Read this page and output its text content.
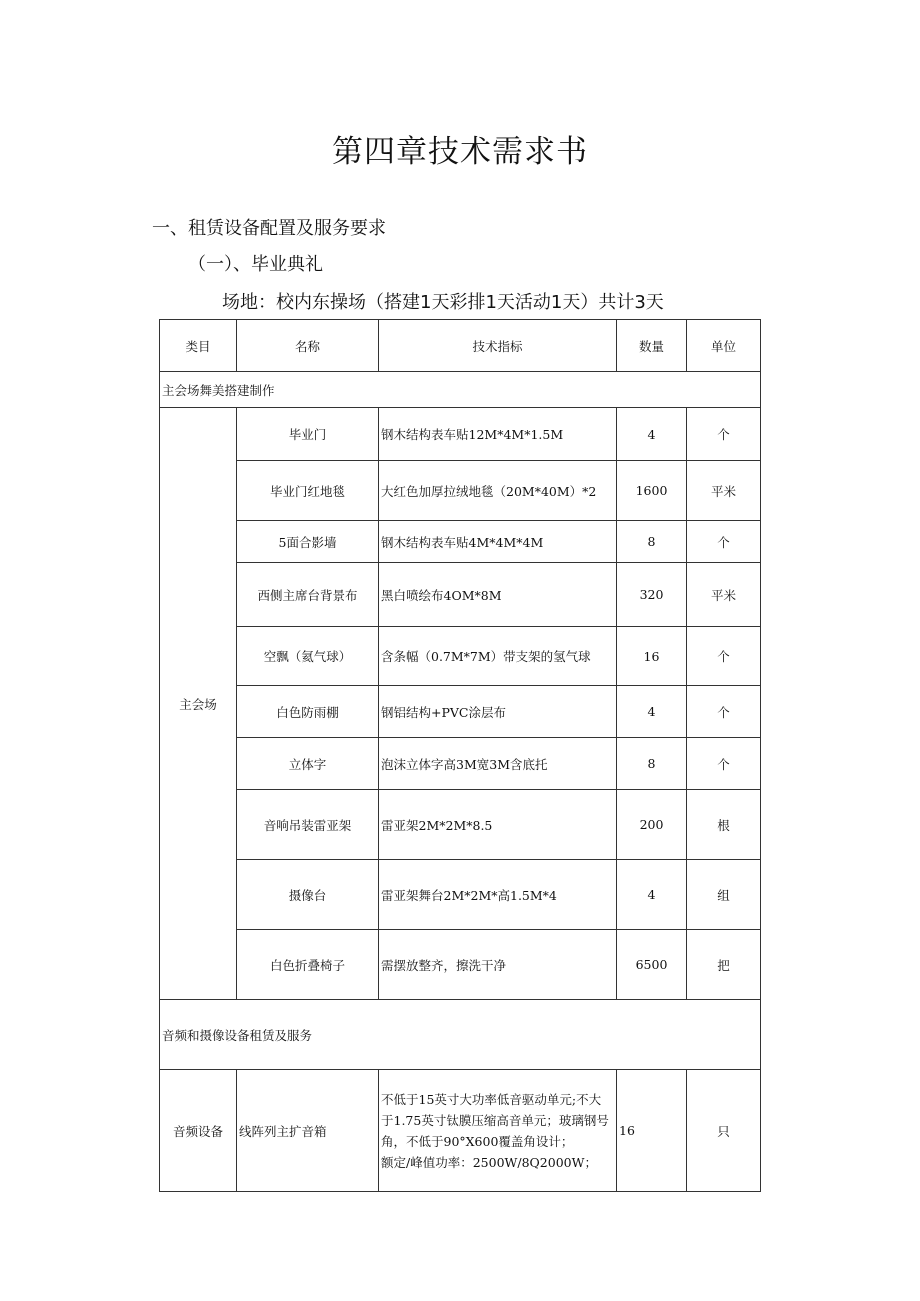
第四章技术需求书
一、租赁设备配置及服务要求
（一）、毕业典礼

场地：校内东操场（搭建1天彩排1天活动1天）共计3天

类目	名称	技术指标	数量	单位
主会场舞美搭建制作				
主会场	毕业门	钢木结构表车贴12M*4M*1.5M	4	个
	毕业门红地毯	大红色加厚拉绒地毯（20M*40M）*2	1600	平米
	5面合影墙	钢木结构表车贴4M*4M*4M	8	个
	西侧主席台背景布	黑白喷绘布4OM*8M	320	平米
	空飘（氦气球）	含条幅（0.7M*7M）带支架的氢气球	16	个
	白色防雨棚	钢铝结构+PVC涂层布	4	个
	立体字	泡沫立体字高3M宽3M含底托	8	个
	音响吊装雷亚架	雷亚架2M*2M*8.5	200	根
	摄像台	雷亚架舞台2M*2M*高1.5M*4	4	组
	白色折叠椅子	需摆放整齐，擦洗干净	6500	把
音频和摄像设备租赁及服务				
音频设备	线阵列主扩音箱	不低于15英寸大功率低音驱动单元;不大
于1.75英寸钛膜压缩高音单元；玻璃钢号
角，不低于90°X600覆盖角设计；
额定/峰值功率：2500W/8Q2000W；	16	只
